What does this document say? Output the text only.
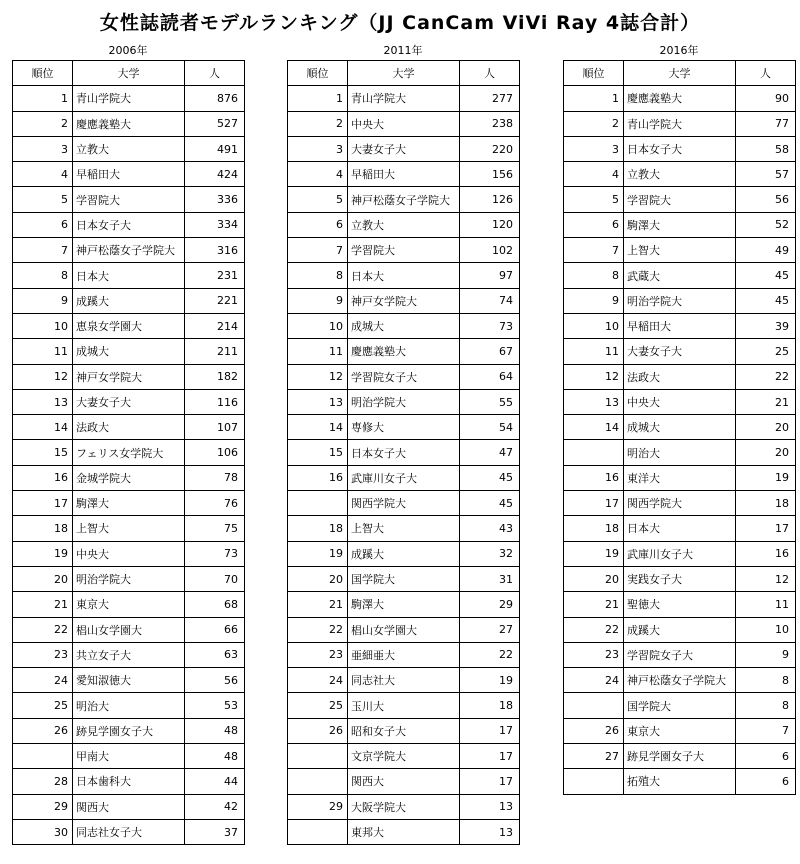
女性誌読者モデルランキング（JJ CanCam ViVi Ray 4誌合計）
2006年
順位	大学	人
1	青山学院大	876
2	慶應義塾大	527
3	立教大	491
4	早稲田大	424
5	学習院大	336
6	日本女子大	334
7	神戸松蔭女子学院大	316
8	日本大	231
9	成蹊大	221
10	恵泉女学園大	214
11	成城大	211
12	神戸女学院大	182
13	大妻女子大	116
14	法政大	107
15	フェリス女学院大	106
16	金城学院大	78
17	駒澤大	76
18	上智大	75
19	中央大	73
20	明治学院大	70
21	東京大	68
22	椙山女学園大	66
23	共立女子大	63
24	愛知淑徳大	56
25	明治大	53
26	跡見学園女子大	48
	甲南大	48
28	日本歯科大	44
29	関西大	42
30	同志社女子大	37
2011年
順位	大学	人
1	青山学院大	277
2	中央大	238
3	大妻女子大	220
4	早稲田大	156
5	神戸松蔭女子学院大	126
6	立教大	120
7	学習院大	102
8	日本大	97
9	神戸女学院大	74
10	成城大	73
11	慶應義塾大	67
12	学習院女子大	64
13	明治学院大	55
14	専修大	54
15	日本女子大	47
16	武庫川女子大	45
	関西学院大	45
18	上智大	43
19	成蹊大	32
20	国学院大	31
21	駒澤大	29
22	椙山女学園大	27
23	亜細亜大	22
24	同志社大	19
25	玉川大	18
26	昭和女子大	17
	文京学院大	17
	関西大	17
29	大阪学院大	13
	東邦大	13
2016年
順位	大学	人
1	慶應義塾大	90
2	青山学院大	77
3	日本女子大	58
4	立教大	57
5	学習院大	56
6	駒澤大	52
7	上智大	49
8	武蔵大	45
9	明治学院大	45
10	早稲田大	39
11	大妻女子大	25
12	法政大	22
13	中央大	21
14	成城大	20
	明治大	20
16	東洋大	19
17	関西学院大	18
18	日本大	17
19	武庫川女子大	16
20	実践女子大	12
21	聖徳大	11
22	成蹊大	10
23	学習院女子大	9
24	神戸松蔭女子学院大	8
	国学院大	8
26	東京大	7
27	跡見学園女子大	6
	拓殖大	6
